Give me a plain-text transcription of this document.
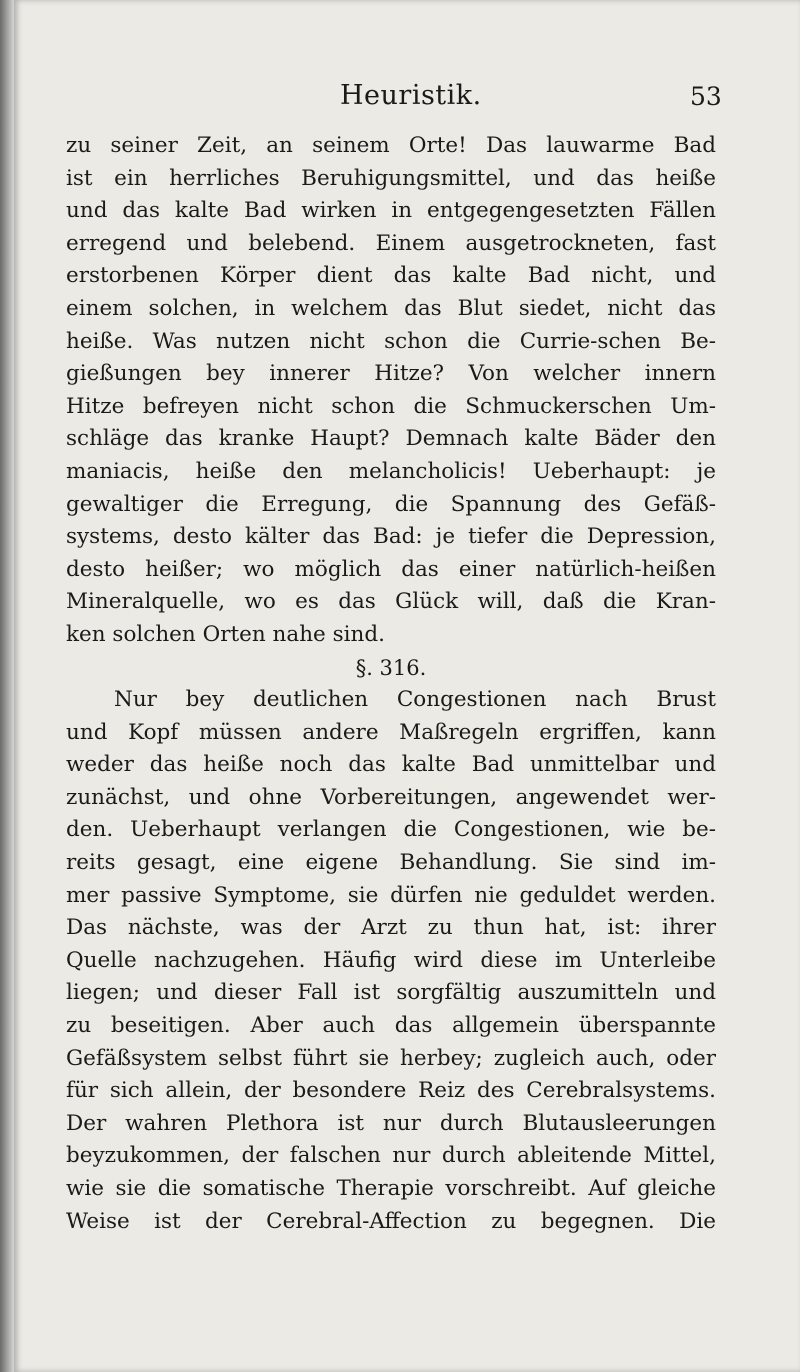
Heuristik.	53
zu seiner Zeit, an seinem Orte! Das lauwarme Bad
ist ein herrliches Beruhigungsmittel, und das heiße
und das kalte Bad wirken in entgegengesetzten Fällen
erregend und belebend. Einem ausgetrockneten, fast
erstorbenen Körper dient das kalte Bad nicht, und
einem solchen, in welchem das Blut siedet, nicht das
heiße. Was nutzen nicht schon die Currie-schen Be-
gießungen bey innerer Hitze? Von welcher innern
Hitze befreyen nicht schon die Schmuckerschen Um-
schläge das kranke Haupt? Demnach kalte Bäder den
maniacis, heiße den melancholicis! Ueberhaupt: je
gewaltiger die Erregung, die Spannung des Gefäß-
systems, desto kälter das Bad: je tiefer die Depression,
desto heißer; wo möglich das einer natürlich-heißen
Mineralquelle, wo es das Glück will, daß die Kran-
ken solchen Orten nahe sind.
§. 316.
Nur bey deutlichen Congestionen nach Brust
und Kopf müssen andere Maßregeln ergriffen, kann
weder das heiße noch das kalte Bad unmittelbar und
zunächst, und ohne Vorbereitungen, angewendet wer-
den. Ueberhaupt verlangen die Congestionen, wie be-
reits gesagt, eine eigene Behandlung. Sie sind im-
mer passive Symptome, sie dürfen nie geduldet werden.
Das nächste, was der Arzt zu thun hat, ist: ihrer
Quelle nachzugehen. Häufig wird diese im Unterleibe
liegen; und dieser Fall ist sorgfältig auszumitteln und
zu beseitigen. Aber auch das allgemein überspannte
Gefäßsystem selbst führt sie herbey; zugleich auch, oder
für sich allein, der besondere Reiz des Cerebralsystems.
Der wahren Plethora ist nur durch Blutausleerungen
beyzukommen, der falschen nur durch ableitende Mittel,
wie sie die somatische Therapie vorschreibt. Auf gleiche
Weise ist der Cerebral-Affection zu begegnen. Die
